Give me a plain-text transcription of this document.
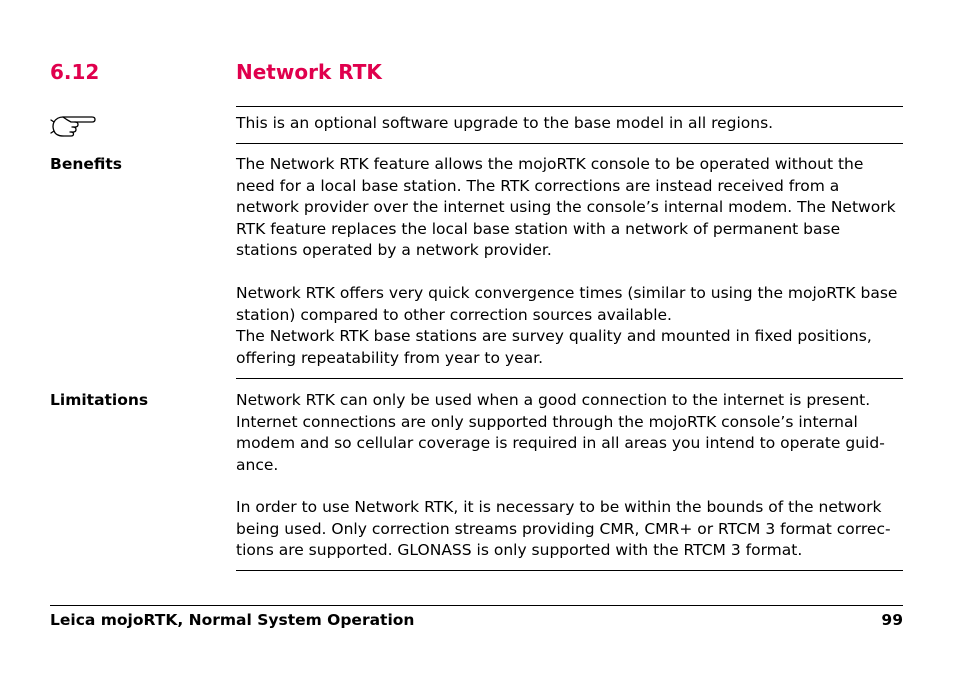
6.12	Network RTK

This is an optional software upgrade to the base model in all regions.

Benefits	The Network RTK feature allows the mojoRTK console to be operated without the
need for a local base station. The RTK corrections are instead received from a
network provider over the internet using the console’s internal modem. The Network
RTK feature replaces the local base station with a network of permanent base
stations operated by a network provider.

Network RTK offers very quick convergence times (similar to using the mojoRTK base
station) compared to other correction sources available.
The Network RTK base stations are survey quality and mounted in fixed positions,
offering repeatability from year to year.

Limitations	Network RTK can only be used when a good connection to the internet is present.
Internet connections are only supported through the mojoRTK console’s internal
modem and so cellular coverage is required in all areas you intend to operate guid-
ance.

In order to use Network RTK, it is necessary to be within the bounds of the network
being used. Only correction streams providing CMR, CMR+ or RTCM 3 format correc-
tions are supported. GLONASS is only supported with the RTCM 3 format.

Leica mojoRTK, Normal System Operation	99
